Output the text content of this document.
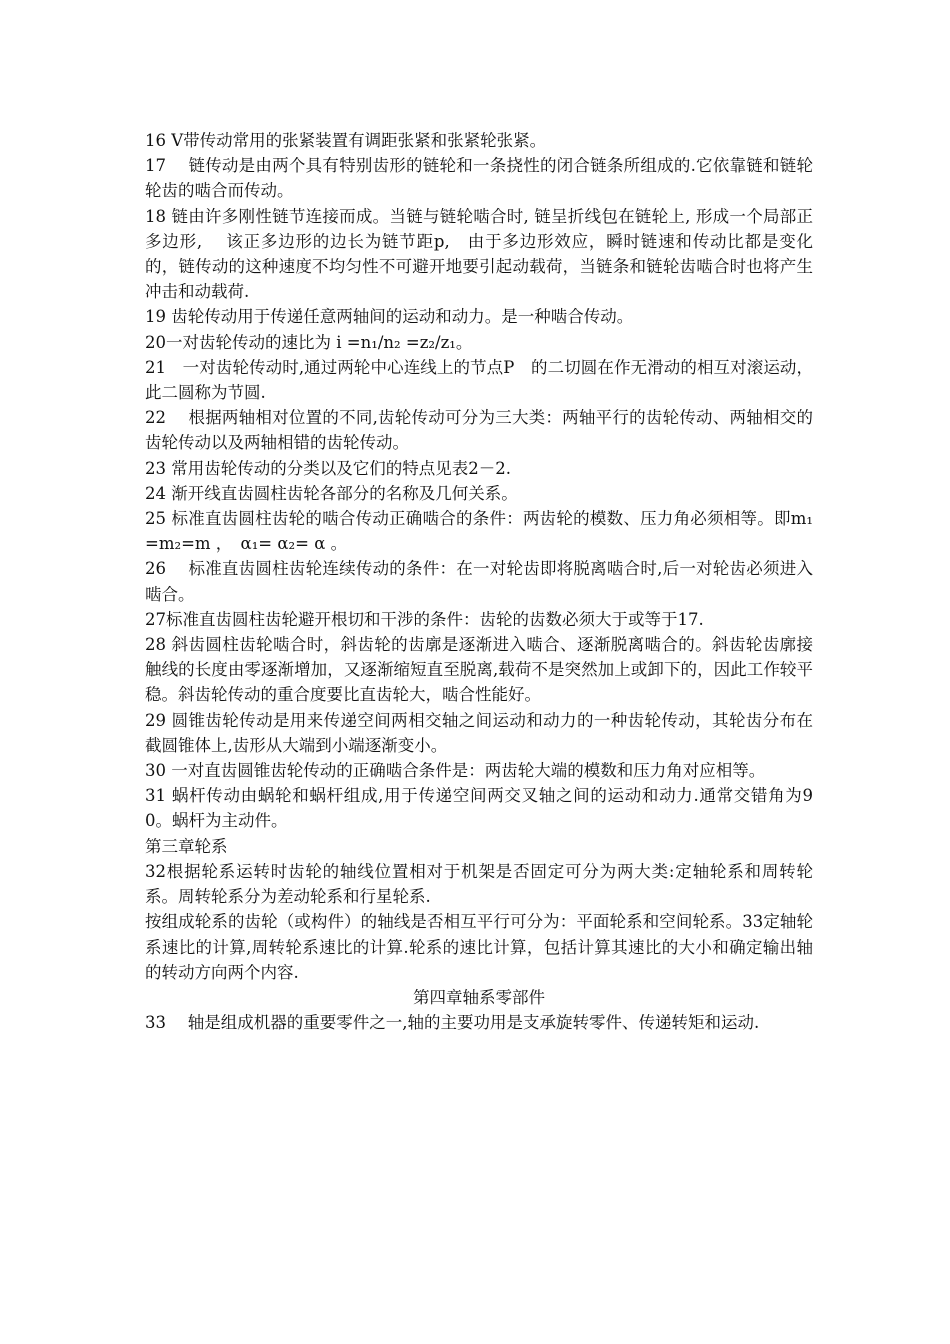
16 V带传动常用的张紧装置有调距张紧和张紧轮张紧。

17　 链传动是由两个具有特别齿形的链轮和一条挠性的闭合链条所组成的.它依靠链和链轮轮齿的啮合而传动。

18 链由许多刚性链节连接而成。当链与链轮啮合时, 链呈折线包在链轮上, 形成一个局部正多边形,　 该正多边形的边长为链节距p,　由于多边形效应，瞬时链速和传动比都是变化的，链传动的这种速度不均匀性不可避开地要引起动载荷，当链条和链轮齿啮合时也将产生冲击和动载荷.

19 齿轮传动用于传递任意两轴间的运动和动力。是一种啮合传动。

20一对齿轮传动的速比为 i =n₁/n₂ =z₂/z₁。

21　一对齿轮传动时,通过两轮中心连线上的节点P　的二切圆在作无滑动的相互对滚运动，此二圆称为节圆.

22　 根据两轴相对位置的不同,齿轮传动可分为三大类：两轴平行的齿轮传动、两轴相交的齿轮传动以及两轴相错的齿轮传动。

23 常用齿轮传动的分类以及它们的特点见表2－2.

24 渐开线直齿圆柱齿轮各部分的名称及几何关系。

25 标准直齿圆柱齿轮的啮合传动正确啮合的条件：两齿轮的模数、压力角必须相等。即m₁=m₂=m ，　α₁= α₂= α 。

26　 标准直齿圆柱齿轮连续传动的条件：在一对轮齿即将脱离啮合时,后一对轮齿必须进入啮合。

27标准直齿圆柱齿轮避开根切和干涉的条件：齿轮的齿数必须大于或等于17.

28 斜齿圆柱齿轮啮合时，斜齿轮的齿廓是逐渐进入啮合、逐渐脱离啮合的。斜齿轮齿廓接触线的长度由零逐渐增加，又逐渐缩短直至脱离,载荷不是突然加上或卸下的，因此工作较平稳。斜齿轮传动的重合度要比直齿轮大，啮合性能好。

29 圆锥齿轮传动是用来传递空间两相交轴之间运动和动力的一种齿轮传动，其轮齿分布在截圆锥体上,齿形从大端到小端逐渐变小。

30 一对直齿圆锥齿轮传动的正确啮合条件是：两齿轮大端的模数和压力角对应相等。

31 蜗杆传动由蜗轮和蜗杆组成,用于传递空间两交叉轴之间的运动和动力.通常交错角为90。蜗杆为主动件。

第三章轮系

32根据轮系运转时齿轮的轴线位置相对于机架是否固定可分为两大类:定轴轮系和周转轮系。周转轮系分为差动轮系和行星轮系.

按组成轮系的齿轮（或构件）的轴线是否相互平行可分为：平面轮系和空间轮系。33定轴轮系速比的计算,周转轮系速比的计算.轮系的速比计算，包括计算其速比的大小和确定输出轴的转动方向两个内容.

第四章轴系零部件

33　 轴是组成机器的重要零件之一,轴的主要功用是支承旋转零件、传递转矩和运动.
